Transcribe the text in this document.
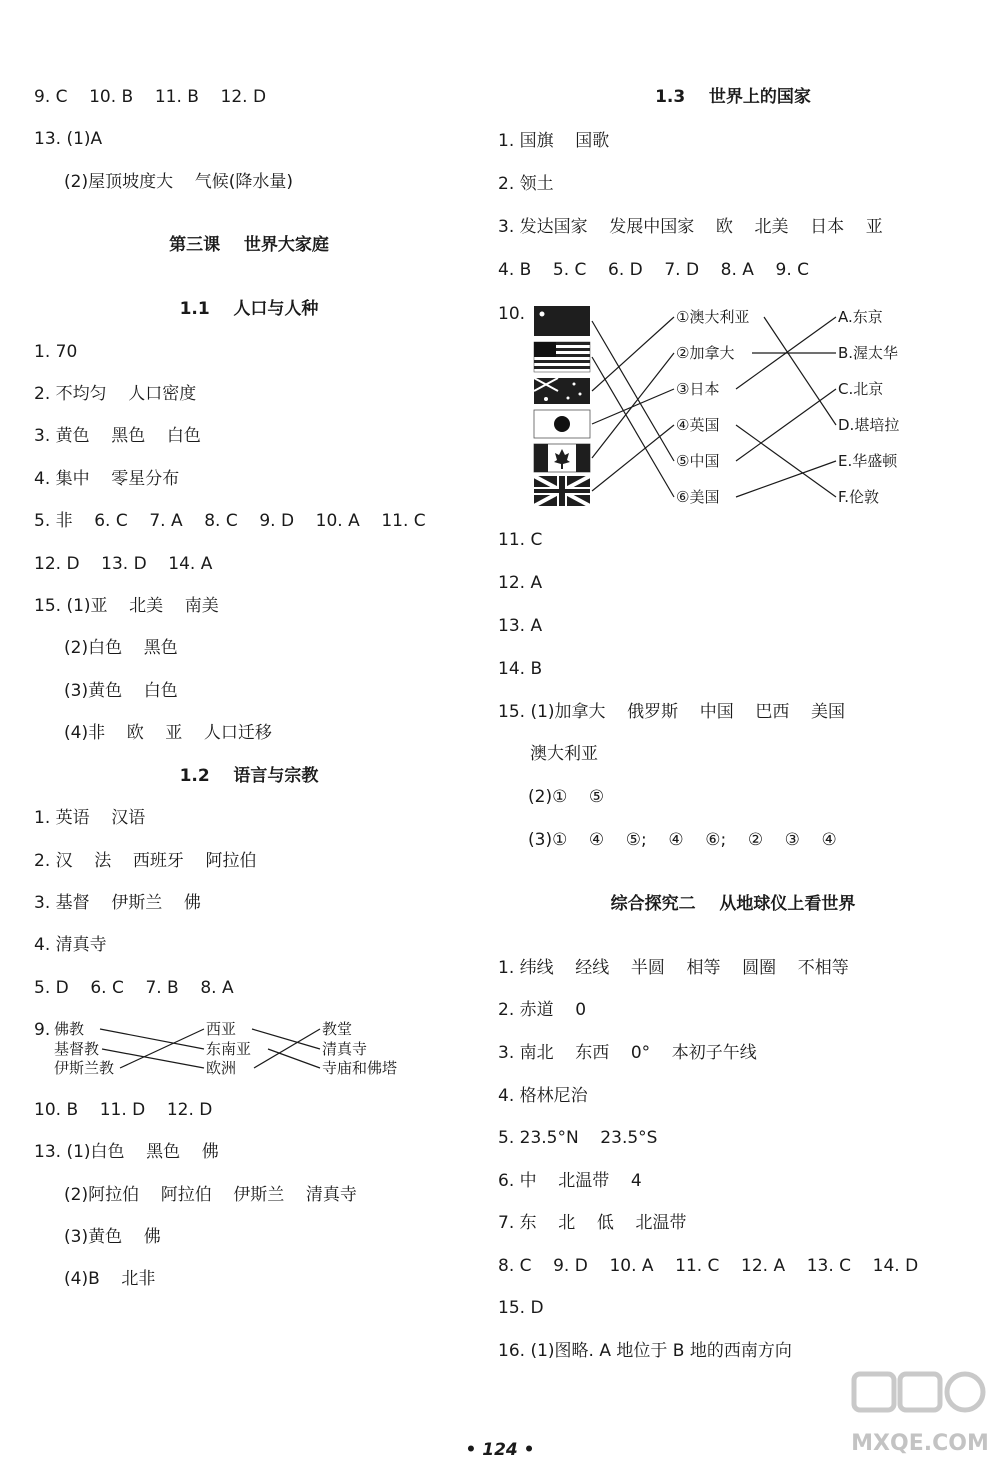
9. C    10. B    11. B    12. D
13. (1)A
(2)屋顶坡度大    气候(降水量)
第三课    世界大家庭
1.1    人口与人种
1. 70
2. 不均匀    人口密度
3. 黄色    黑色    白色
4. 集中    零星分布
5. 非    6. C    7. A    8. C    9. D    10. A    11. C
12. D    13. D    14. A
15. (1)亚    北美    南美
(2)白色    黑色
(3)黄色    白色
(4)非    欧    亚    人口迁移
1.2    语言与宗教
1. 英语    汉语
2. 汉    法    西班牙    阿拉伯
3. 基督    伊斯兰    佛
4. 清真寺
5. D    6. C    7. B    8. A
9. 佛教
基督教
伊斯兰教
西亚
东南亚
欧洲
教堂
清真寺
寺庙和佛塔
10. B    11. D    12. D
13. (1)白色    黑色    佛
(2)阿拉伯    阿拉伯    伊斯兰    清真寺
(3)黄色    佛
(4)B    北非
1.3    世界上的国家
1. 国旗    国歌
2. 领土
3. 发达国家    发展中国家    欧    北美    日本    亚
4. B    5. C    6. D    7. D    8. A    9. C
10.	①澳大利亚
②加拿大
③日本
④英国
⑤中国
⑥美国
A.东京
B.渥太华
C.北京
D.堪培拉
E.华盛顿
F.伦敦
11. C
12. A
13. A
14. B
15. (1)加拿大    俄罗斯    中国    巴西    美国
澳大利亚
(2)①    ⑤
(3)①    ④    ⑤;    ④    ⑥;    ②    ③    ④
综合探究二    从地球仪上看世界
1. 纬线    经线    半圆    相等    圆圈    不相等
2. 赤道    0
3. 南北    东西    0°    本初子午线
4. 格林尼治
5. 23.5°N    23.5°S
6. 中    北温带    4
7. 东    北    低    北温带
8. C    9. D    10. A    11. C    12. A    13. C    14. D
15. D
16. (1)图略. A 地位于 B 地的西南方向
• 124 •	MXQE.COM
